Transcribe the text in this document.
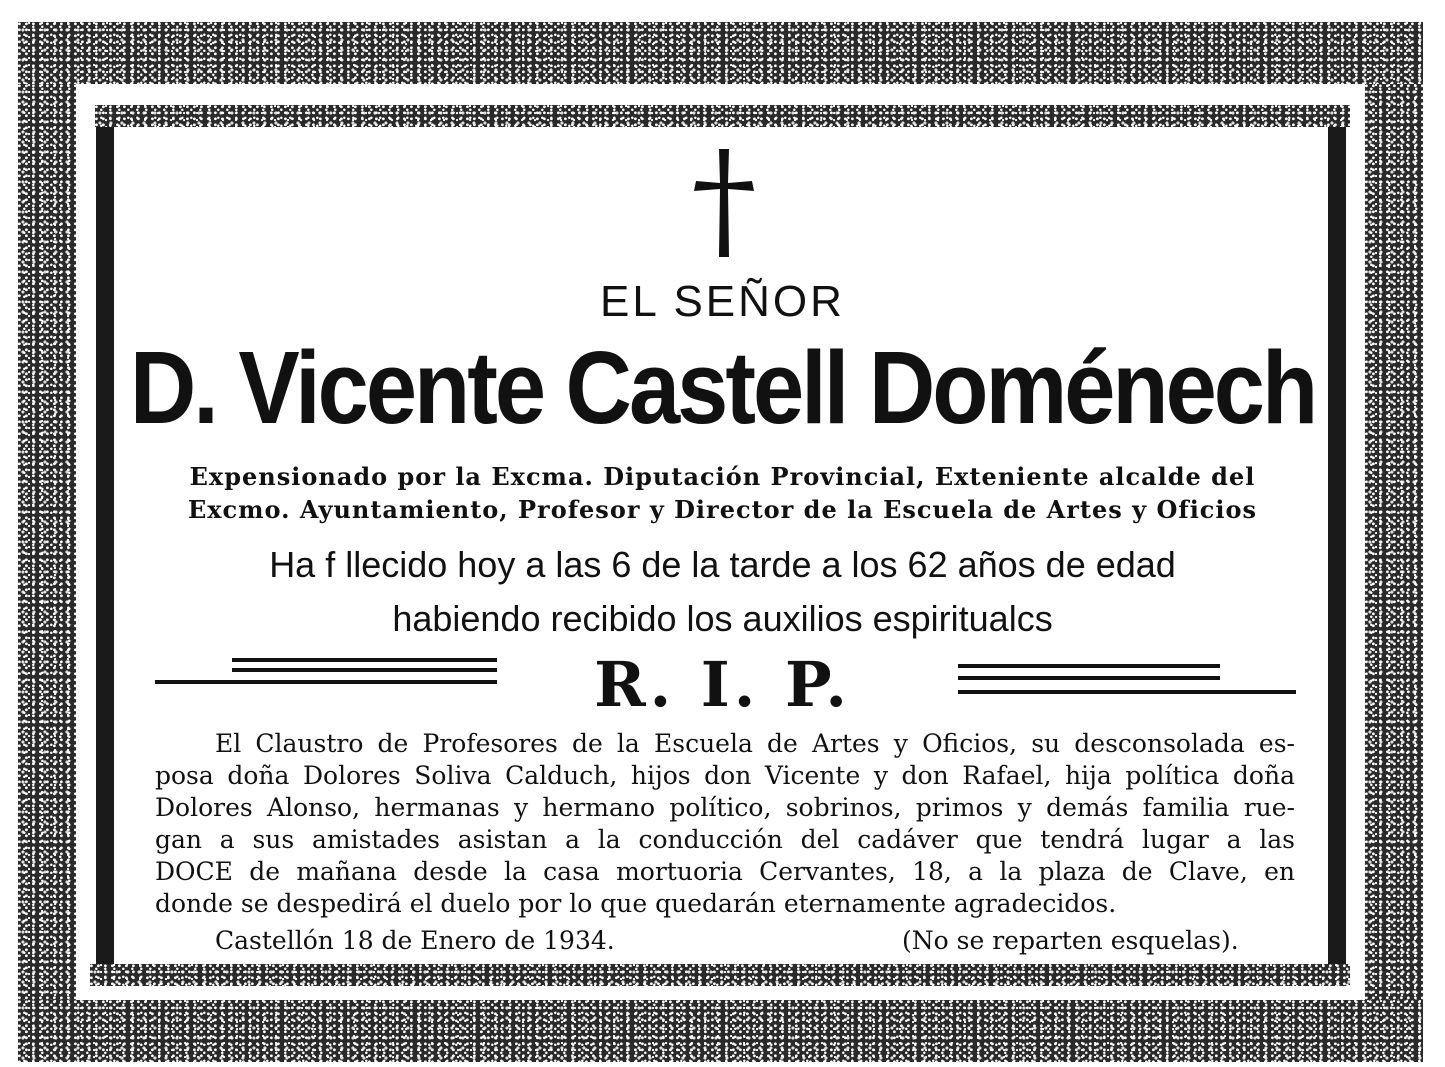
EL SEÑOR
D. Vicente Castell Doménech
Expensionado por la Excma. Diputación Provincial, Exteniente alcalde del
Excmo. Ayuntamiento, Profesor y Director de la Escuela de Artes y Oficios
Ha f llecido hoy a las 6 de la tarde a los 62 años de edad
habiendo recibido los auxilios espiritualcs
R. I. P.

El Claustro de Profesores de la Escuela de Artes y Oficios, su desconsolada es-

posa doña Dolores Soliva Calduch, hijos don Vicente y don Rafael, hija política doña

Dolores Alonso, hermanas y hermano político, sobrinos, primos y demás familia rue-

gan a sus amistades asistan a la conducción del cadáver que tendrá lugar a las

DOCE de mañana desde la casa mortuoria Cervantes, 18, a la plaza de Clave, en

donde se despedirá el duelo por lo que quedarán eternamente agradecidos.

Castellón 18 de Enero de 1934.	(No se reparten esquelas).
